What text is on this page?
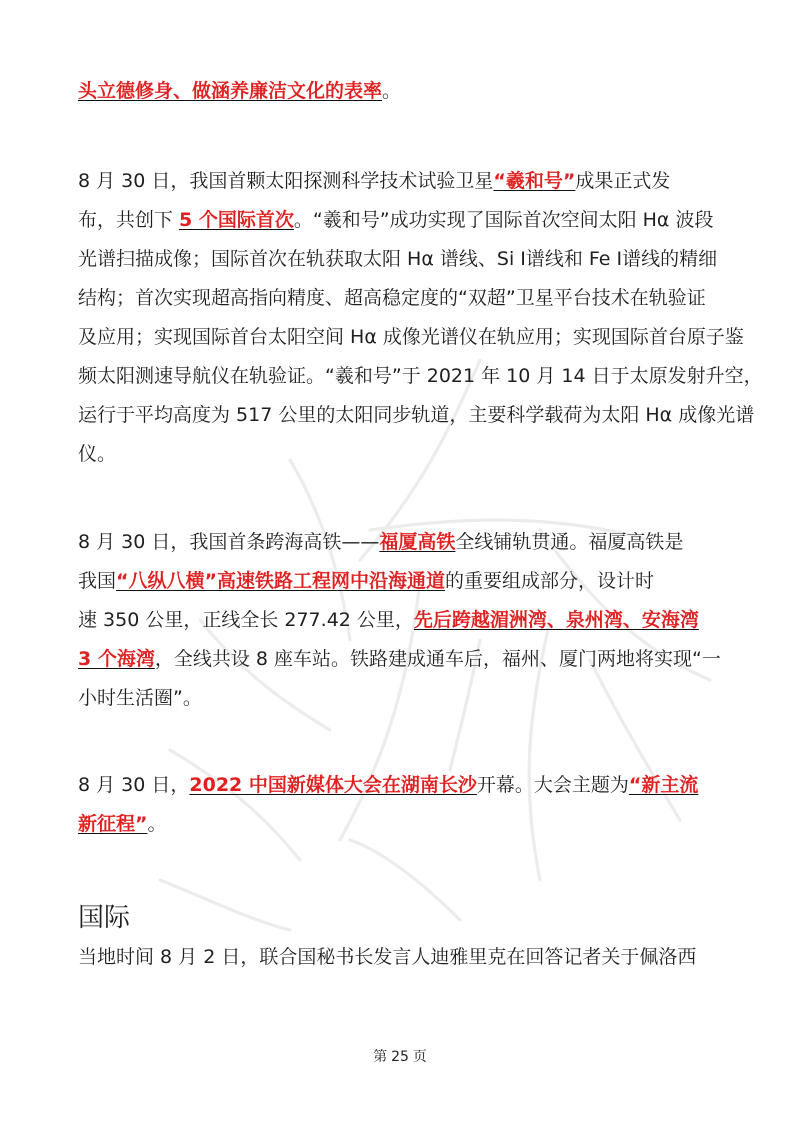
头立德修身、做涵养廉洁文化的表率。

8 月 30 日，我国首颗太阳探测科学技术试验卫星“羲和号”成果正式发
布，共创下 5 个国际首次。“羲和号”成功实现了国际首次空间太阳 Hα 波段
光谱扫描成像；国际首次在轨获取太阳 Hα 谱线、Si Ⅰ谱线和 Fe Ⅰ谱线的精细
结构；首次实现超高指向精度、超高稳定度的“双超”卫星平台技术在轨验证
及应用；实现国际首台太阳空间 Hα 成像光谱仪在轨应用；实现国际首台原子鉴
频太阳测速导航仪在轨验证。“羲和号”于 2021 年 10 月 14 日于太原发射升空，
运行于平均高度为 517 公里的太阳同步轨道，主要科学载荷为太阳 Hα 成像光谱
仪。

8 月 30 日，我国首条跨海高铁——福厦高铁全线铺轨贯通。福厦高铁是
我国“八纵八横”高速铁路工程网中沿海通道的重要组成部分，设计时
速 350 公里，正线全长 277.42 公里，先后跨越湄洲湾、泉州湾、安海湾
3 个海湾，全线共设 8 座车站。铁路建成通车后，福州、厦门两地将实现“一
小时生活圈”。

8 月 30 日，2022 中国新媒体大会在湖南长沙开幕。大会主题为“新主流
新征程”。

国际

当地时间 8 月 2 日，联合国秘书长发言人迪雅里克在回答记者关于佩洛西

第 25 页
